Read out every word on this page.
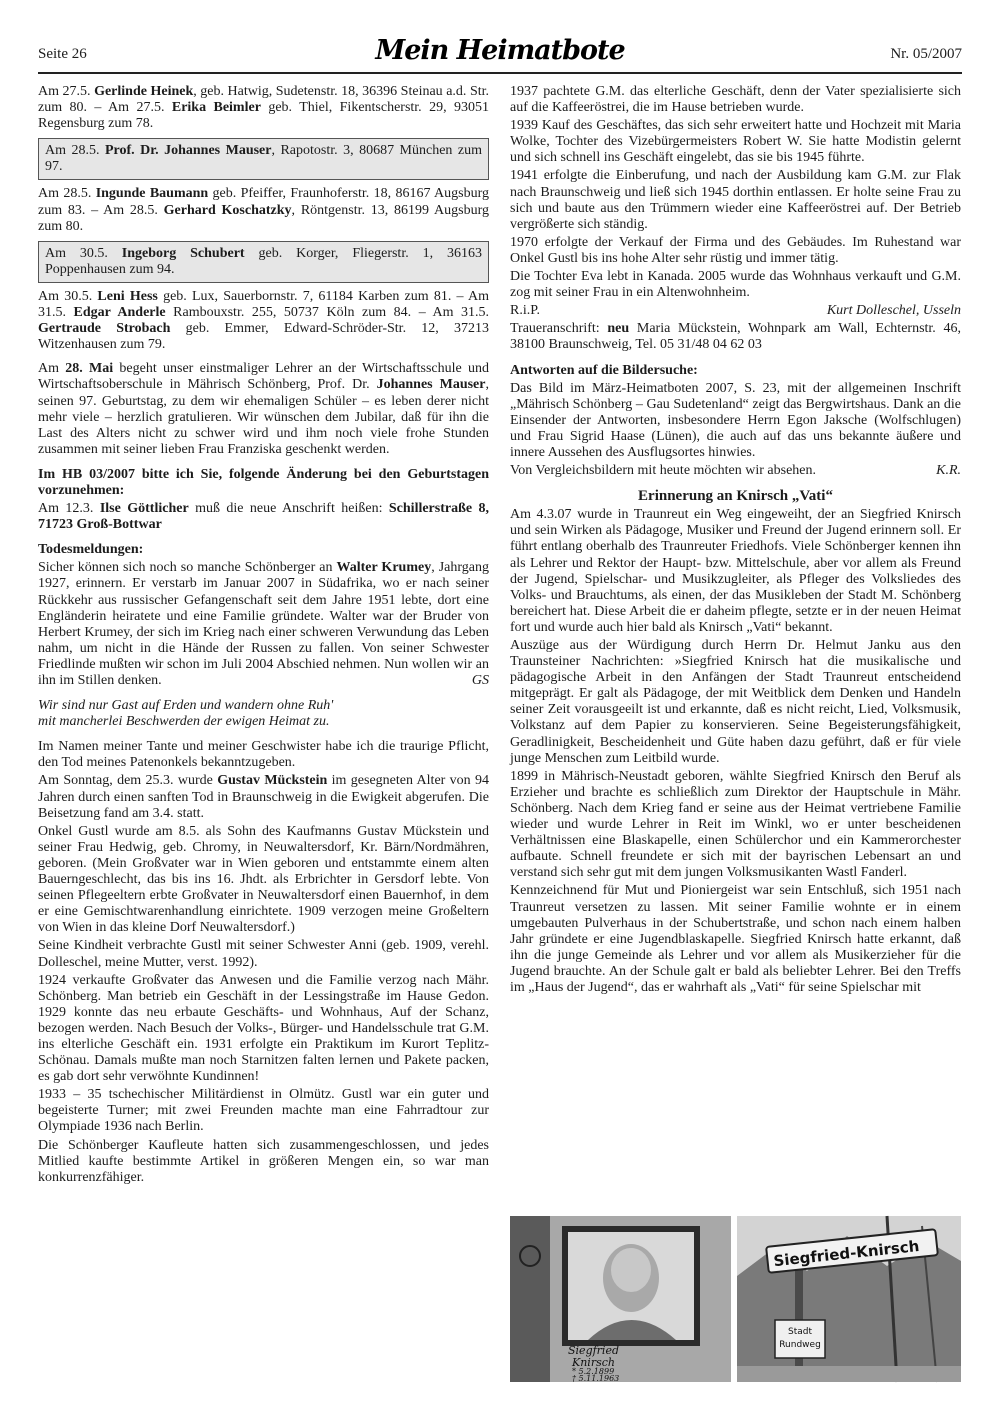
Seite 26	Mein Heimatbote	Nr. 05/2007

Am 27.5. Gerlinde Heinek, geb. Hatwig, Sudetenstr. 18, 36396 Steinau a.d. Str. zum 80. – Am 27.5. Erika Beimler geb. Thiel, Fikentscherstr. 29, 93051 Regensburg zum 78.

Am 28.5. Prof. Dr. Johannes Mauser, Rapotostr. 3, 80687 München zum 97.

Am 28.5. Ingunde Baumann geb. Pfeiffer, Fraunhoferstr. 18, 86167 Augsburg zum 83. – Am 28.5. Gerhard Koschatzky, Röntgenstr. 13, 86199 Augsburg zum 80.

Am 30.5. Ingeborg Schubert geb. Korger, Fliegerstr. 1, 36163 Poppenhausen zum 94.

Am 30.5. Leni Hess geb. Lux, Sauerbornstr. 7, 61184 Karben zum 81. – Am 31.5. Edgar Anderle Rambouxstr. 255, 50737 Köln zum 84. – Am 31.5. Gertraude Strobach geb. Emmer, Edward-Schröder-Str. 12, 37213 Witzenhausen zum 79.

Am 28. Mai begeht unser einstmaliger Lehrer an der Wirtschaftsschule und Wirtschaftsoberschule in Mährisch Schönberg, Prof. Dr. Johannes Mauser, seinen 97. Geburtstag, zu dem wir ehemaligen Schüler – es leben derer nicht mehr viele – herzlich gratulieren. Wir wünschen dem Jubilar, daß für ihn die Last des Alters nicht zu schwer wird und ihm noch viele frohe Stunden zusammen mit seiner lieben Frau Franziska geschenkt werden.

Im HB 03/2007 bitte ich Sie, folgende Änderung bei den Geburtstagen vorzunehmen:

Am 12.3. Ilse Göttlicher muß die neue Anschrift heißen: Schillerstraße 8, 71723 Groß-Bottwar

Todesmeldungen:

Sicher können sich noch so manche Schönberger an Walter Krumey, Jahrgang 1927, erinnern. Er verstarb im Januar 2007 in Südafrika, wo er nach seiner Rückkehr aus russischer Gefangenschaft seit dem Jahre 1951 lebte, dort eine Engländerin heiratete und eine Familie gründete. Walter war der Bruder von Herbert Krumey, der sich im Krieg nach einer schweren Verwundung das Leben nahm, um nicht in die Hände der Russen zu fallen. Von seiner Schwester Friedlinde mußten wir schon im Juli 2004 Abschied nehmen. Nun wollen wir an ihn im Stillen denken.	GS

Wir sind nur Gast auf Erden und wandern ohne Ruh'
mit mancherlei Beschwerden der ewigen Heimat zu.

Im Namen meiner Tante und meiner Geschwister habe ich die traurige Pflicht, den Tod meines Patenonkels bekanntzugeben.

Am Sonntag, dem 25.3. wurde Gustav Mückstein im gesegneten Alter von 94 Jahren durch einen sanften Tod in Braunschweig in die Ewigkeit abgerufen. Die Beisetzung fand am 3.4. statt.

Onkel Gustl wurde am 8.5. als Sohn des Kaufmanns Gustav Mückstein und seiner Frau Hedwig, geb. Chromy, in Neuwaltersdorf, Kr. Bärn/Nordmähren, geboren. (Mein Großvater war in Wien geboren und entstammte einem alten Bauerngeschlecht, das bis ins 16. Jhdt. als Erbrichter in Gersdorf lebte. Von seinen Pflegeeltern erbte Großvater in Neuwaltersdorf einen Bauernhof, in dem er eine Gemischtwarenhandlung einrichtete. 1909 verzogen meine Großeltern von Wien in das kleine Dorf Neuwaltersdorf.)

Seine Kindheit verbrachte Gustl mit seiner Schwester Anni (geb. 1909, verehl. Dolleschel, meine Mutter, verst. 1992).

1924 verkaufte Großvater das Anwesen und die Familie verzog nach Mähr. Schönberg. Man betrieb ein Geschäft in der Lessingstraße im Hause Gedon. 1929 konnte das neu erbaute Geschäfts- und Wohnhaus, Auf der Schanz, bezogen werden. Nach Besuch der Volks-, Bürger- und Handelsschule trat G.M. ins elterliche Geschäft ein. 1931 erfolgte ein Praktikum im Kurort Teplitz-Schönau. Damals mußte man noch Starnitzen falten lernen und Pakete packen, es gab dort sehr verwöhnte Kundinnen!

1933 – 35 tschechischer Militärdienst in Olmütz. Gustl war ein guter und begeisterte Turner; mit zwei Freunden machte man eine Fahrradtour zur Olympiade 1936 nach Berlin.

Die Schönberger Kaufleute hatten sich zusammengeschlossen, und jedes Mitlied kaufte bestimmte Artikel in größeren Mengen ein, so war man konkurrenzfähiger.

1937 pachtete G.M. das elterliche Geschäft, denn der Vater spezialisierte sich auf die Kaffeeröstrei, die im Hause betrieben wurde.

1939 Kauf des Geschäftes, das sich sehr erweitert hatte und Hochzeit mit Maria Wolke, Tochter des Vizebürgermeisters Robert W. Sie hatte Modistin gelernt und sich schnell ins Geschäft eingelebt, das sie bis 1945 führte.

1941 erfolgte die Einberufung, und nach der Ausbildung kam G.M. zur Flak nach Braunschweig und ließ sich 1945 dorthin entlassen. Er holte seine Frau zu sich und baute aus den Trümmern wieder eine Kaffeeröstrei auf. Der Betrieb vergrößerte sich ständig.

1970 erfolgte der Verkauf der Firma und des Gebäudes. Im Ruhestand war Onkel Gustl bis ins hohe Alter sehr rüstig und immer tätig.

Die Tochter Eva lebt in Kanada. 2005 wurde das Wohnhaus verkauft und G.M. zog mit seiner Frau in ein Altenwohnheim.

R.i.P.	Kurt Dolleschel, Usseln

Traueranschrift: neu Maria Mückstein, Wohnpark am Wall, Echternstr. 46, 38100 Braunschweig, Tel. 05 31/48 04 62 03

Antworten auf die Bildersuche:

Das Bild im März-Heimatboten 2007, S. 23, mit der allgemeinen Inschrift „Mährisch Schönberg – Gau Sudetenland“ zeigt das Bergwirtshaus. Dank an die Einsender der Antworten, insbesondere Herrn Egon Jaksche (Wolfschlugen) und Frau Sigrid Haase (Lünen), die auch auf das uns bekannte äußere und innere Aussehen des Ausflugsortes hinwies.

Von Vergleichsbildern mit heute möchten wir absehen.	K.R.

Erinnerung an Knirsch „Vati“

Am 4.3.07 wurde in Traunreut ein Weg eingeweiht, der an Siegfried Knirsch und sein Wirken als Pädagoge, Musiker und Freund der Jugend erinnern soll. Er führt entlang oberhalb des Traunreuter Friedhofs. Viele Schönberger kennen ihn als Lehrer und Rektor der Haupt- bzw. Mittelschule, aber vor allem als Freund der Jugend, Spielschar- und Musikzugleiter, als Pfleger des Volksliedes des Volks- und Brauchtums, als einen, der das Musikleben der Stadt M. Schönberg bereichert hat. Diese Arbeit die er daheim pflegte, setzte er in der neuen Heimat fort und wurde auch hier bald als Knirsch „Vati“ bekannt.

Auszüge aus der Würdigung durch Herrn Dr. Helmut Janku aus den Traunsteiner Nachrichten: »Siegfried Knirsch hat die musikalische und pädagogische Arbeit in den Anfängen der Stadt Traunreut entscheidend mitgeprägt. Er galt als Pädagoge, der mit Weitblick dem Denken und Handeln seiner Zeit vorausgeeilt ist und erkannte, daß es nicht reicht, Lied, Volksmusik, Volkstanz auf dem Papier zu konservieren. Seine Begeisterungsfähigkeit, Geradlinigkeit, Bescheidenheit und Güte haben dazu geführt, daß er für viele junge Menschen zum Leitbild wurde.

1899 in Mährisch-Neustadt geboren, wählte Siegfried Knirsch den Beruf als Erzieher und brachte es schließlich zum Direktor der Hauptschule in Mähr. Schönberg. Nach dem Krieg fand er seine aus der Heimat vertriebene Familie wieder und wurde Lehrer in Reit im Winkl, wo er unter bescheidenen Verhältnissen eine Blaskapelle, einen Schülerchor und ein Kammerorchester aufbaute. Schnell freundete er sich mit der bayrischen Lebensart an und verstand sich sehr gut mit dem jungen Volksmusikanten Wastl Fanderl.

Kennzeichnend für Mut und Pioniergeist war sein Entschluß, sich 1951 nach Traunreut versetzen zu lassen. Mit seiner Familie wohnte er in einem umgebauten Pulverhaus in der Schubertstraße, und schon nach einem halben Jahr gründete er eine Jugendblaskapelle. Siegfried Knirsch hatte erkannt, daß ihn die junge Gemeinde als Lehrer und vor allem als Musikerzieher für die Jugend brauchte. An der Schule galt er bald als beliebter Lehrer. Bei den Treffs im „Haus der Jugend“, das er wahrhaft als „Vati“ für seine Spielschar mit

Siegfried
Knirsch
* 5.2.1899
† 5.11.1963
Siegfried-Knirsch
Stadt
Rundweg
